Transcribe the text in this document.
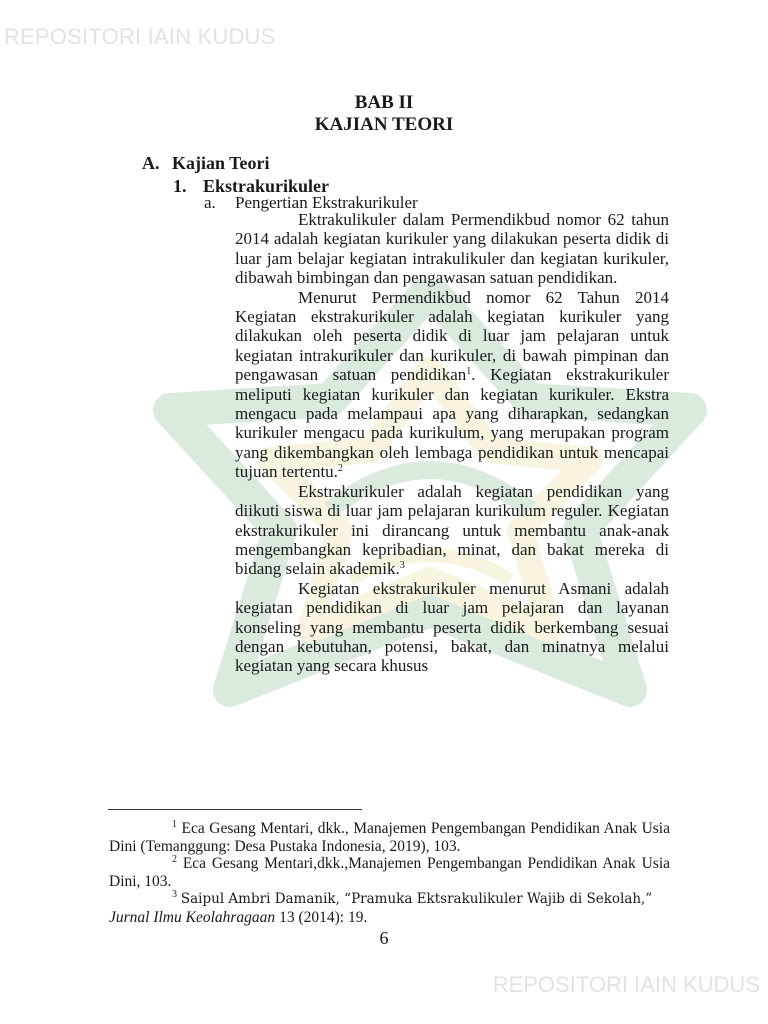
REPOSITORI IAIN KUDUS
BAB II
KAJIAN TEORI
A. Kajian Teori
1. Ekstrakurikuler
a. Pengertian Ekstrakurikuler

Ektrakulikuler dalam Permendikbud nomor 62 tahun 2014 adalah kegiatan kurikuler yang dilakukan peserta didik di luar jam belajar kegiatan intrakulikuler dan kegiatan kurikuler, dibawah bimbingan dan pengawasan satuan pendidikan.

Menurut Permendikbud nomor 62 Tahun 2014 Kegiatan ekstrakurikuler adalah kegiatan kurikuler yang dilakukan oleh peserta didik di luar jam pelajaran untuk kegiatan intrakurikuler dan kurikuler, di bawah pimpinan dan pengawasan satuan pendidikan$^1$. Kegiatan ekstrakurikuler meliputi kegiatan kurikuler dan kegiatan kurikuler. Ekstra mengacu pada melampaui apa yang diharapkan, sedangkan kurikuler mengacu pada kurikulum, yang merupakan program yang dikembangkan oleh lembaga pendidikan untuk mencapai tujuan tertentu.$^2$

Ekstrakurikuler adalah kegiatan pendidikan yang diikuti siswa di luar jam pelajaran kurikulum reguler. Kegiatan ekstrakurikuler ini dirancang untuk membantu anak-anak mengembangkan kepribadian, minat, dan bakat mereka di bidang selain akademik.$^3$

Kegiatan ekstrakurikuler menurut Asmani adalah kegiatan pendidikan di luar jam pelajaran dan layanan konseling yang membantu peserta didik berkembang sesuai dengan kebutuhan, potensi, bakat, dan minatnya melalui kegiatan yang secara khusus

$^1$ Eca Gesang Mentari, dkk., Manajemen Pengembangan Pendidikan Anak Usia Dini (Temanggung: Desa Pustaka Indonesia, 2019), 103.

$^2$ Eca Gesang Mentari,dkk.,Manajemen Pengembangan Pendidikan Anak Usia Dini, 103.

$^3$ Saipul Ambri Damanik, “Pramuka Ektsrakulikuler Wajib di Sekolah,”
Jurnal Ilmu Keolahragaan 13 (2014): 19.

6
REPOSITORI IAIN KUDUS
